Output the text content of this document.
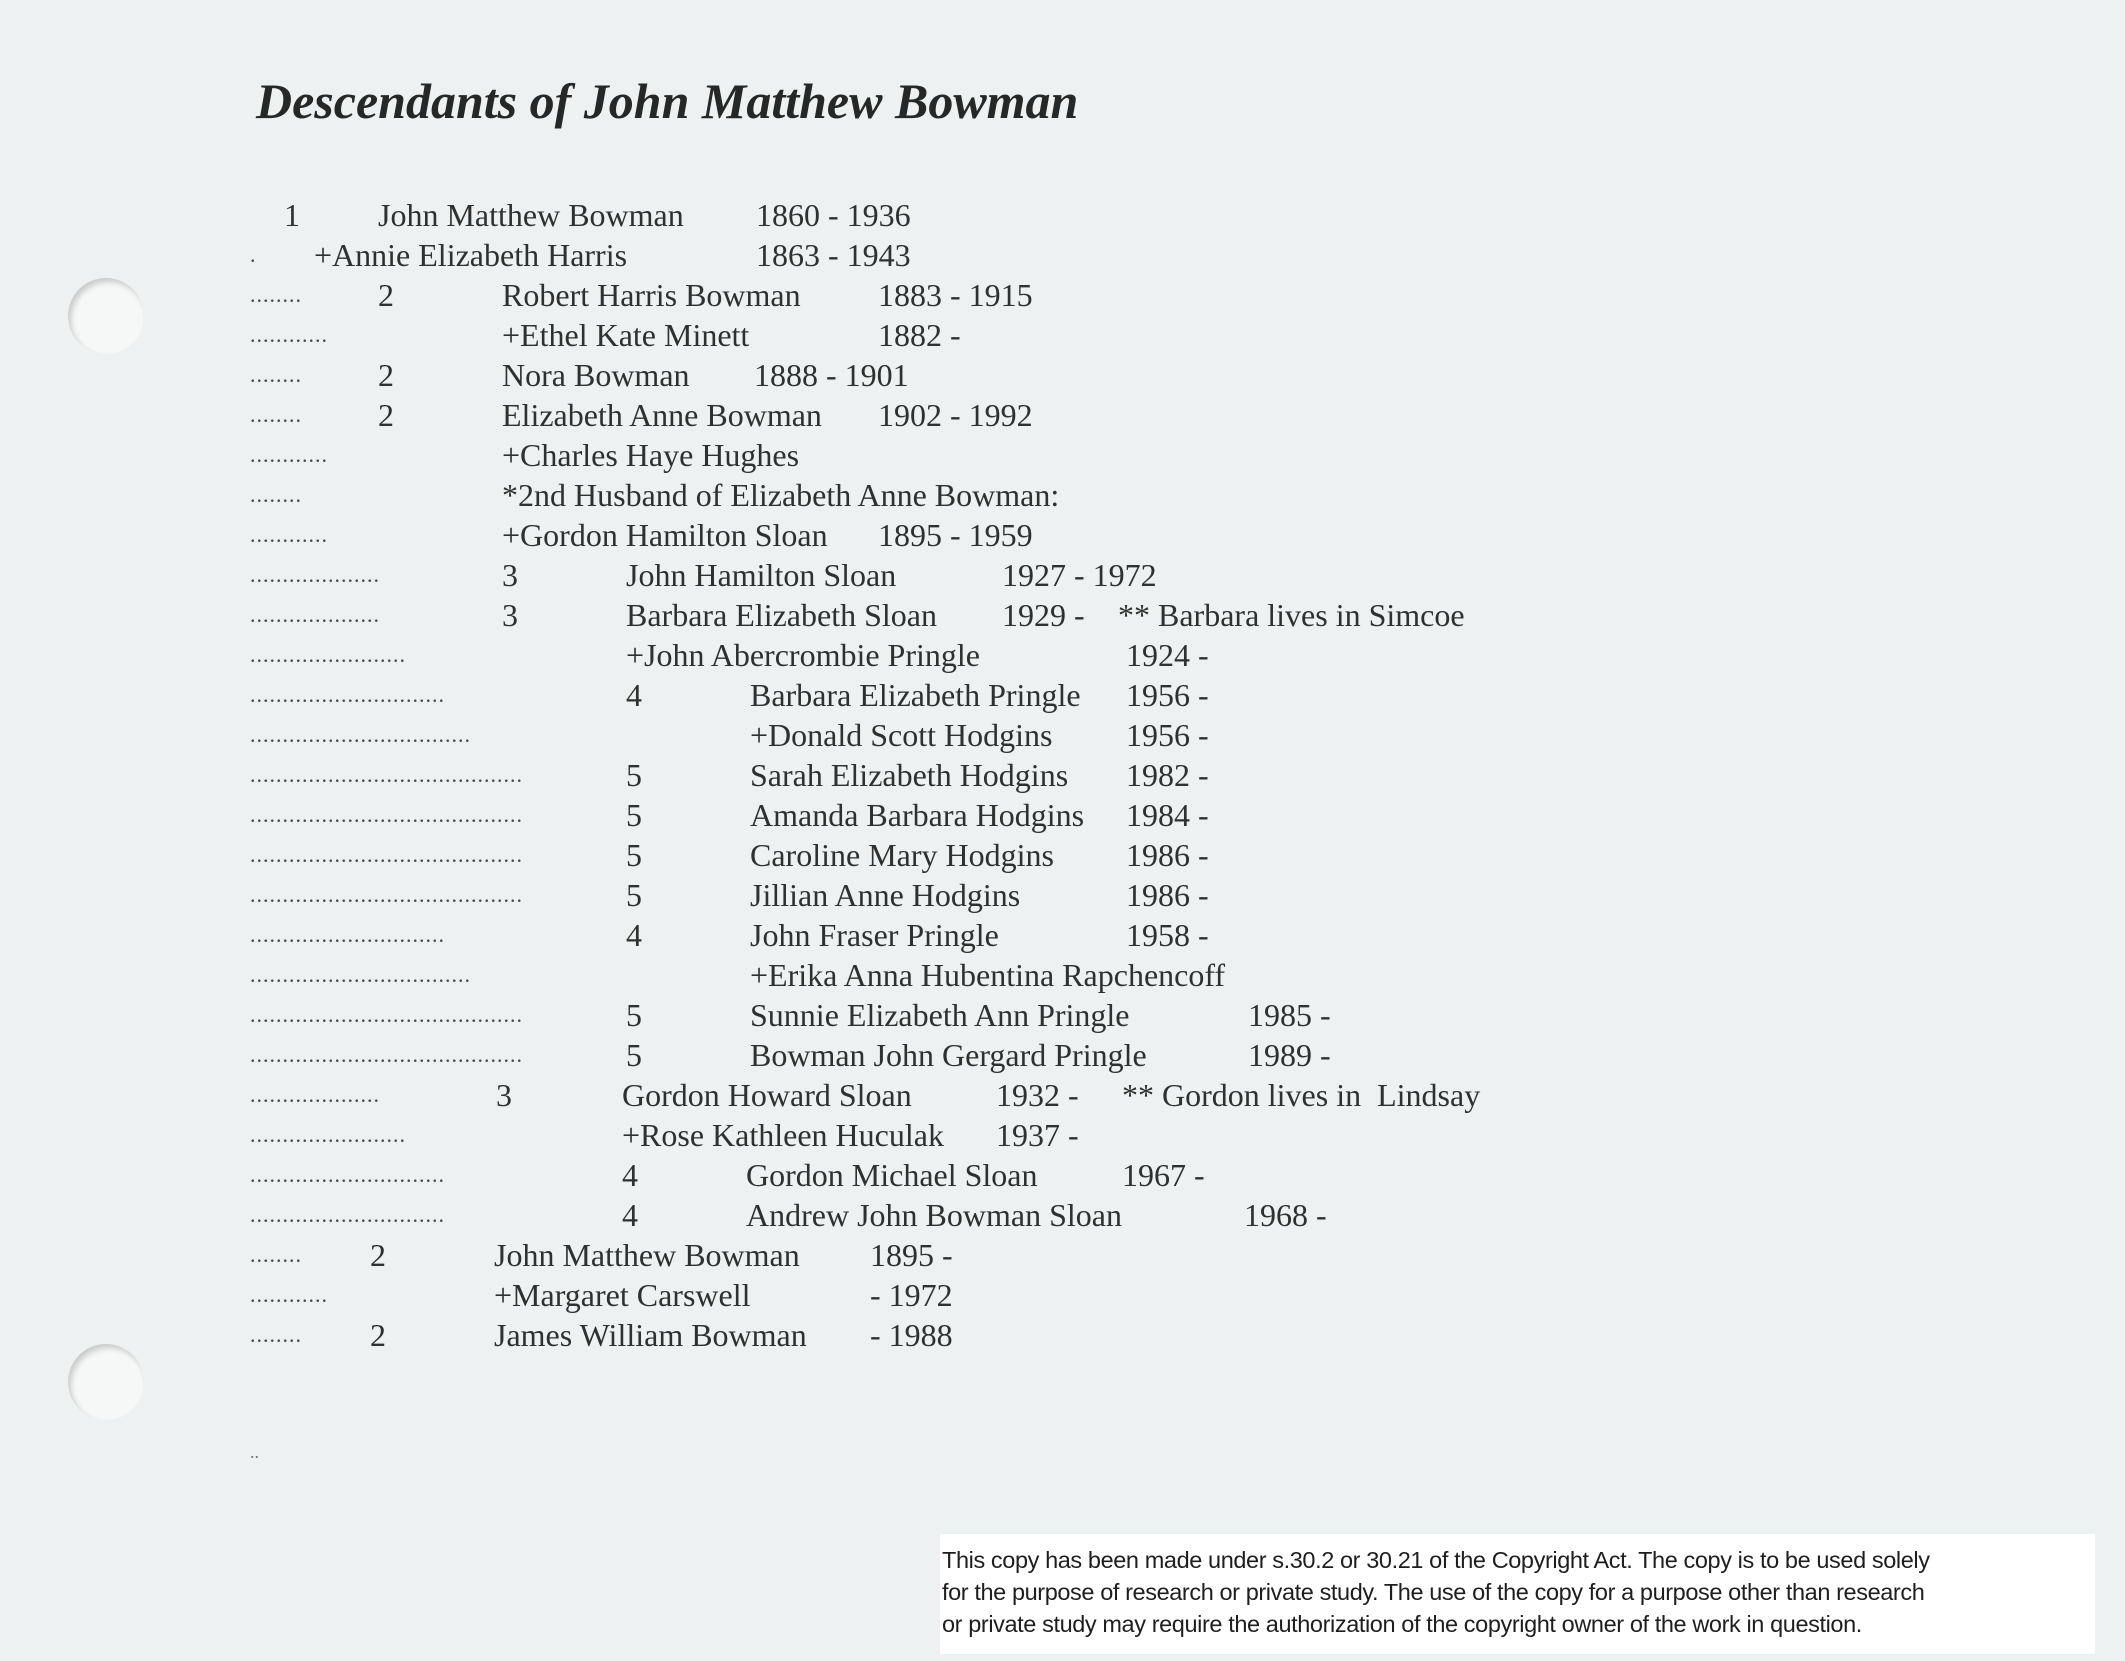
Descendants of John Matthew Bowman
1 John Matthew Bowman 1860 - 1936
. +Annie Elizabeth Harris	1863 - 1943
........ 2	Robert Harris Bowman 1883 - 1915
............	+Ethel Kate Minett	1882 -
........ 2	Nora Bowman 1888 - 1901
........ 2	Elizabeth Anne Bowman 1902 - 1992
............	+Charles Haye Hughes
........	*2nd Husband of Elizabeth Anne Bowman:
............	+Gordon Hamilton Sloan 1895 - 1959
....................	3	John Hamilton Sloan	1927 - 1972
....................	3	Barbara Elizabeth Sloan 1929 - ** Barbara lives in Simcoe
........................	+John Abercrombie Pringle	1924 -
..............................	4	Barbara Elizabeth Pringle 1956 -
..................................	+Donald Scott Hodgins 1956 -
..........................................	5	Sarah Elizabeth Hodgins 1982 -
..........................................	5	Amanda Barbara Hodgins 1984 -
..........................................	5	Caroline Mary Hodgins 1986 -
..........................................	5	Jillian Anne Hodgins	1986 -
..............................	4	John Fraser Pringle	1958 -
..................................	+Erika Anna Hubentina Rapchencoff
..........................................	5	Sunnie Elizabeth Ann Pringle	1985 -
..........................................	5	Bowman John Gergard Pringle	1989 -
....................	3	Gordon Howard Sloan	1932 - ** Gordon lives in  Lindsay
........................	+Rose Kathleen Huculak 1937 -
..............................	4	Gordon Michael Sloan	1967 -
..............................	4	Andrew John Bowman Sloan	1968 -
........ 2	John Matthew Bowman 1895 -
............	+Margaret Carswell	- 1972
........ 2	James William Bowman - 1988
..
This copy has been made under s.30.2 or 30.21 of the Copyright Act. The copy is to be used solely
for the purpose of research or private study. The use of the copy for a purpose other than research
or private study may require the authorization of the copyright owner of the work in question.
